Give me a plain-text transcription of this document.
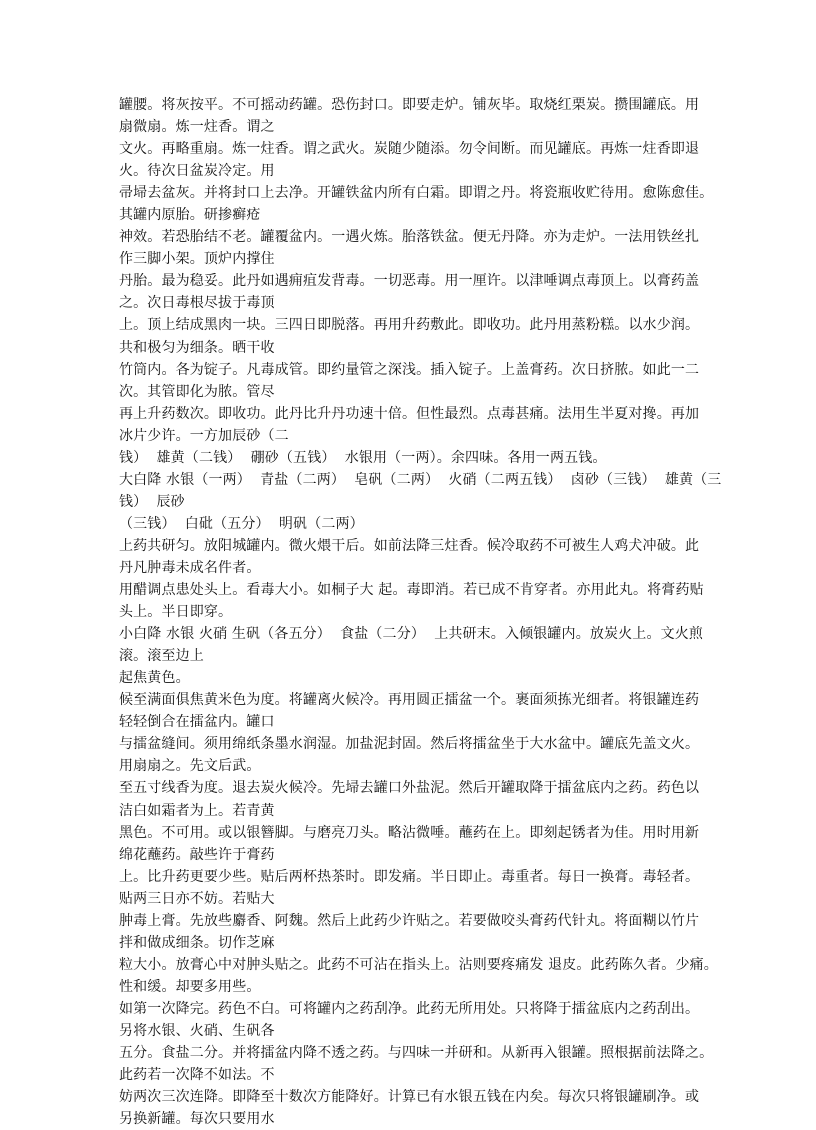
罐腰。将灰按平。不可摇动药罐。恐伤封口。即要走炉。铺灰毕。取烧红栗炭。攒围罐底。用
扇微扇。炼一炷香。谓之
文火。再略重扇。炼一炷香。谓之武火。炭随少随添。勿令间断。而见罐底。再炼一炷香即退
火。待次日盆炭冷定。用
帚埽去盆灰。并将封口上去净。开罐铁盆内所有白霜。即谓之丹。将瓷瓶收贮待用。愈陈愈佳。
其罐内原胎。研掺癣疮
神效。若恐胎结不老。罐覆盆内。一遇火炼。胎落铁盆。便无丹降。亦为走炉。一法用铁丝扎
作三脚小架。顶炉内撑住
丹胎。最为稳妥。此丹如遇痈疽发背毒。一切恶毒。用一厘许。以津唾调点毒顶上。以膏药盖
之。次日毒根尽拔于毒顶
上。顶上结成黑肉一块。三四日即脱落。再用升药敷此。即收功。此丹用蒸粉糕。以水少润。
共和极匀为细条。晒干收
竹筒内。各为锭子。凡毒成管。即约量管之深浅。插入锭子。上盖膏药。次日挤脓。如此一二
次。其管即化为脓。管尽
再上升药数次。即收功。此丹比升丹功速十倍。但性最烈。点毒甚痛。法用生半夏对搀。再加
冰片少许。一方加辰砂（二
钱）  雄黄（二钱）  硼砂（五钱）  水银用（一两）。余四味。各用一两五钱。
大白降 水银（一两）  青盐（二两）  皂矾（二两）  火硝（二两五钱）  卤砂（三钱）  雄黄（三
钱）  辰砂
（三钱）  白砒（五分）  明矾（二两）
上药共研匀。放阳城罐内。微火煨干后。如前法降三炷香。候冷取药不可被生人鸡犬冲破。此
丹凡肿毒未成名件者。
用醋调点患处头上。看毒大小。如桐子大 起。毒即消。若已成不肯穿者。亦用此丸。将膏药贴
头上。半日即穿。
小白降 水银 火硝 生矾（各五分）  食盐（二分）  上共研末。入倾银罐内。放炭火上。文火煎
滚。滚至边上
起焦黄色。
候至满面俱焦黄米色为度。将罐离火候冷。再用圆正擂盆一个。裹面须拣光细者。将银罐连药
轻轻倒合在擂盆内。罐口
与擂盆缝间。须用绵纸条墨水润湿。加盐泥封固。然后将擂盆坐于大水盆中。罐底先盖文火。
用扇扇之。先文后武。
至五寸线香为度。退去炭火候冷。先埽去罐口外盐泥。然后开罐取降于擂盆底内之药。药色以
洁白如霜者为上。若青黄
黑色。不可用。或以银簪脚。与磨亮刀头。略沾微唾。蘸药在上。即刻起锈者为佳。用时用新
绵花蘸药。敲些许于膏药
上。比升药更要少些。贴后两杯热茶时。即发痛。半日即止。毒重者。每日一换膏。毒轻者。
贴两三日亦不妨。若贴大
肿毒上膏。先放些麝香、阿魏。然后上此药少许贴之。若要做咬头膏药代针丸。将面糊以竹片
拌和做成细条。切作芝麻
粒大小。放膏心中对肿头贴之。此药不可沾在指头上。沾则要疼痛发 退皮。此药陈久者。少痛。
性和缓。却要多用些。
如第一次降完。药色不白。可将罐内之药刮净。此药无所用处。只将降于擂盆底内之药刮出。
另将水银、火硝、生矾各
五分。食盐二分。并将擂盆内降不透之药。与四味一并研和。从新再入银罐。照根据前法降之。
此药若一次降不如法。不
妨两次三次连降。即降至十数次方能降好。计算已有水银五钱在内矣。每次只将银罐刷净。或
另换新罐。每次只要用水
